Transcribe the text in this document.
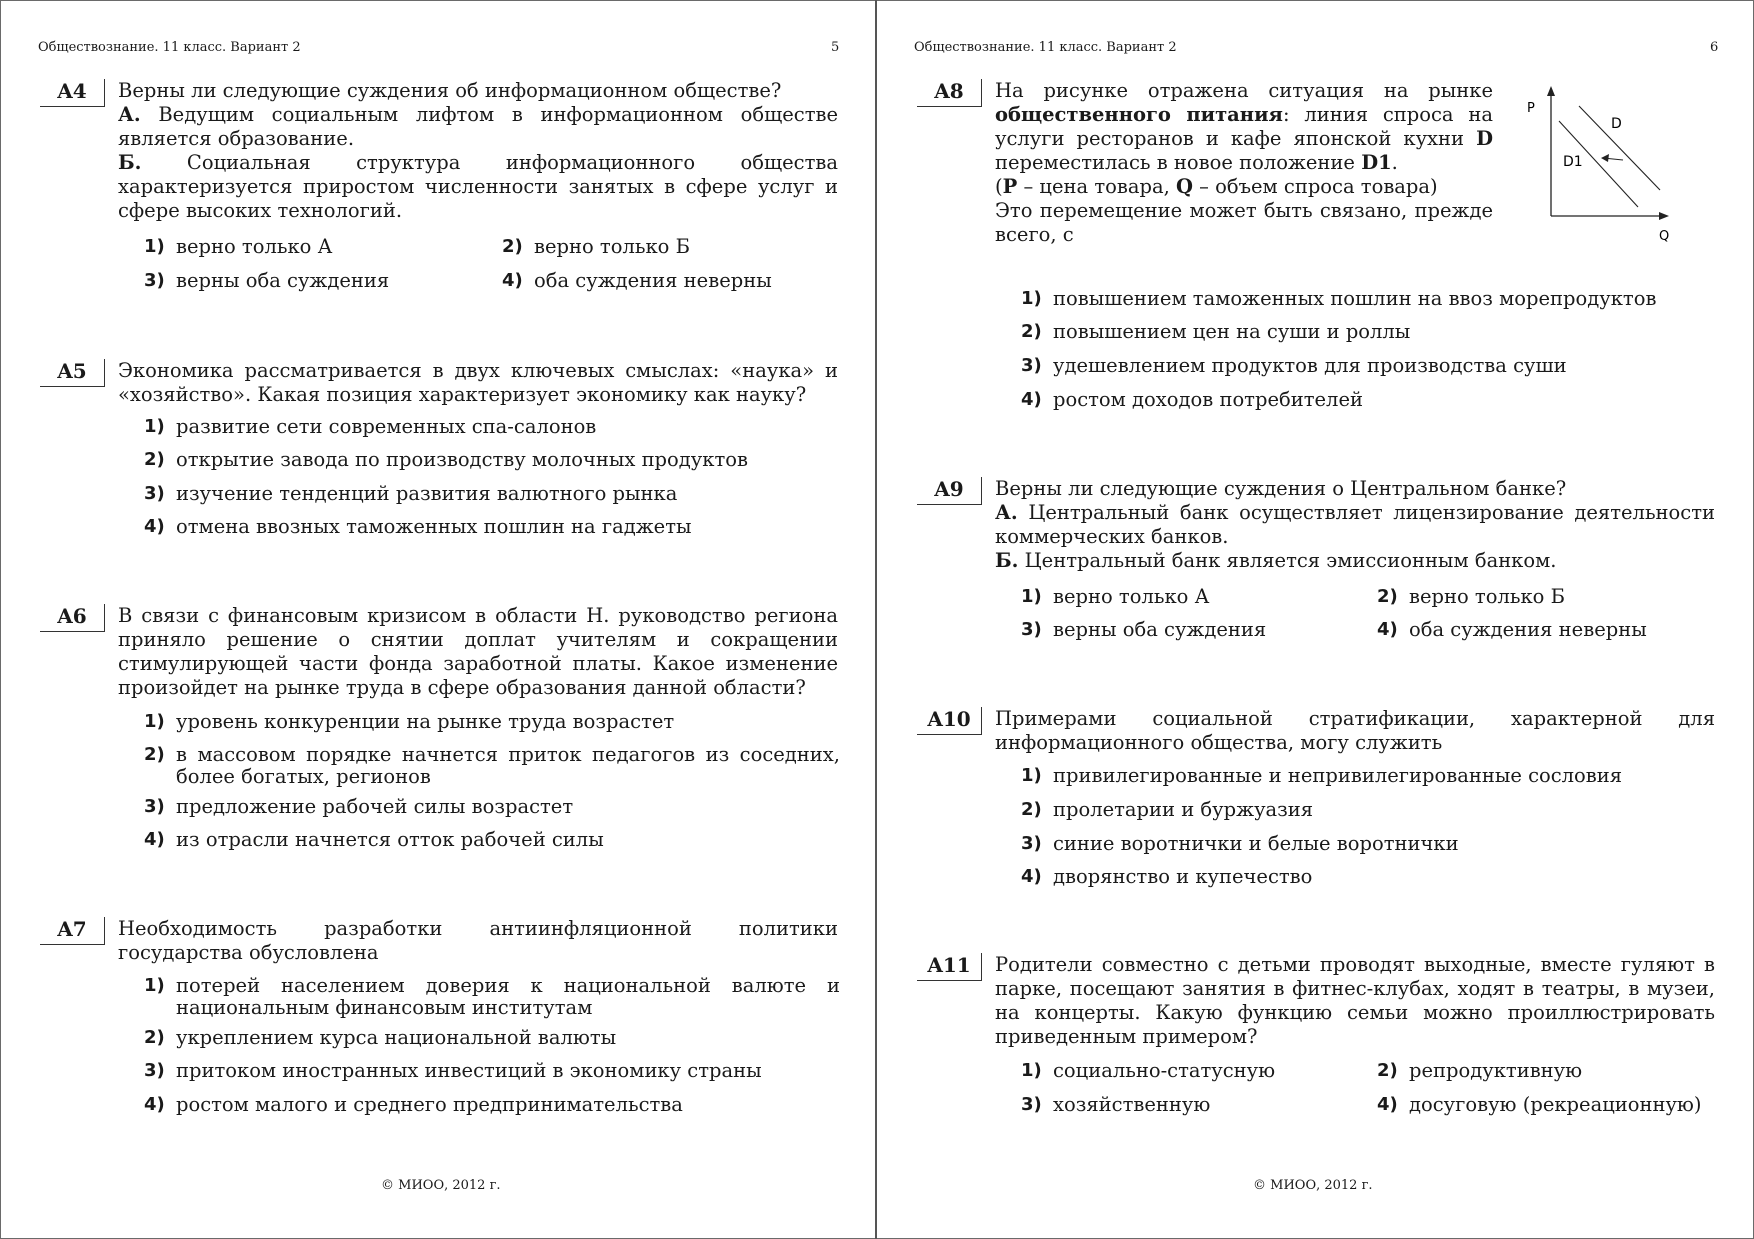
Обществознание. 11 класс. Вариант 2	5
A4	Верны ли следующие суждения об информационном обществе?

А. Ведущим социальным лифтом в информационном обществе является образование.

Б. Социальная структура информационного общества характеризуется приростом численности занятых в сфере услуг и сфере высоких технологий.

1) верно только А	2) верно только Б
3) верны оба суждения	4) оба суждения неверны
A5	Экономика рассматривается в двух ключевых смыслах: «наука» и «хозяйство». Какая позиция характеризует экономику как науку?
1) развитие сети современных спа-салонов
2) открытие завода по производству молочных продуктов
3) изучение тенденций развития валютного рынка
4) отмена ввозных таможенных пошлин на гаджеты
A6	В связи с финансовым кризисом в области Н. руководство региона приняло решение о снятии доплат учителям и сокращении стимулирующей части фонда заработной платы. Какое изменение произойдет на рынке труда в сфере образования данной области?
1) уровень конкуренции на рынке труда возрастет
2) в массовом порядке начнется приток педагогов из соседних, более богатых, регионов
3) предложение рабочей силы возрастет
4) из отрасли начнется отток рабочей силы
A7	Необходимость разработки антиинфляционной политики государства обусловлена
1) потерей населением доверия к национальной валюте и национальным финансовым институтам
2) укреплением курса национальной валюты
3) притоком иностранных инвестиций в экономику страны
4) ростом малого и среднего предпринимательства
© МИОО, 2012 г.
Обществознание. 11 класс. Вариант 2	6
A8	На рисунке отражена ситуация на рынке общественного питания: линия спроса на услуги ресторанов и кафе японской кухни D переместилась в новое положение D1.

(P – цена товара, Q – объем спроса товара)

Это перемещение может быть связано, прежде всего, с

P
Q
D
D1
1) повышением таможенных пошлин на ввоз морепродуктов
2) повышением цен на суши и роллы
3) удешевлением продуктов для производства суши
4) ростом доходов потребителей
A9	Верны ли следующие суждения о Центральном банке?

А. Центральный банк осуществляет лицензирование деятельности коммерческих банков.

Б. Центральный банк является эмиссионным банком.

1) верно только А	2) верно только Б
3) верны оба суждения	4) оба суждения неверны
A10	Примерами социальной стратификации, характерной для информационного общества, могу служить
1) привилегированные и непривилегированные сословия
2) пролетарии и буржуазия
3) синие воротнички и белые воротнички
4) дворянство и купечество
A11	Родители совместно с детьми проводят выходные, вместе гуляют в парке, посещают занятия в фитнес-клубах, ходят в театры, в музеи, на концерты. Какую функцию семьи можно проиллюстрировать приведенным примером?
1) социально-статусную	2) репродуктивную
3) хозяйственную	4) досуговую (рекреационную)
© МИОО, 2012 г.
